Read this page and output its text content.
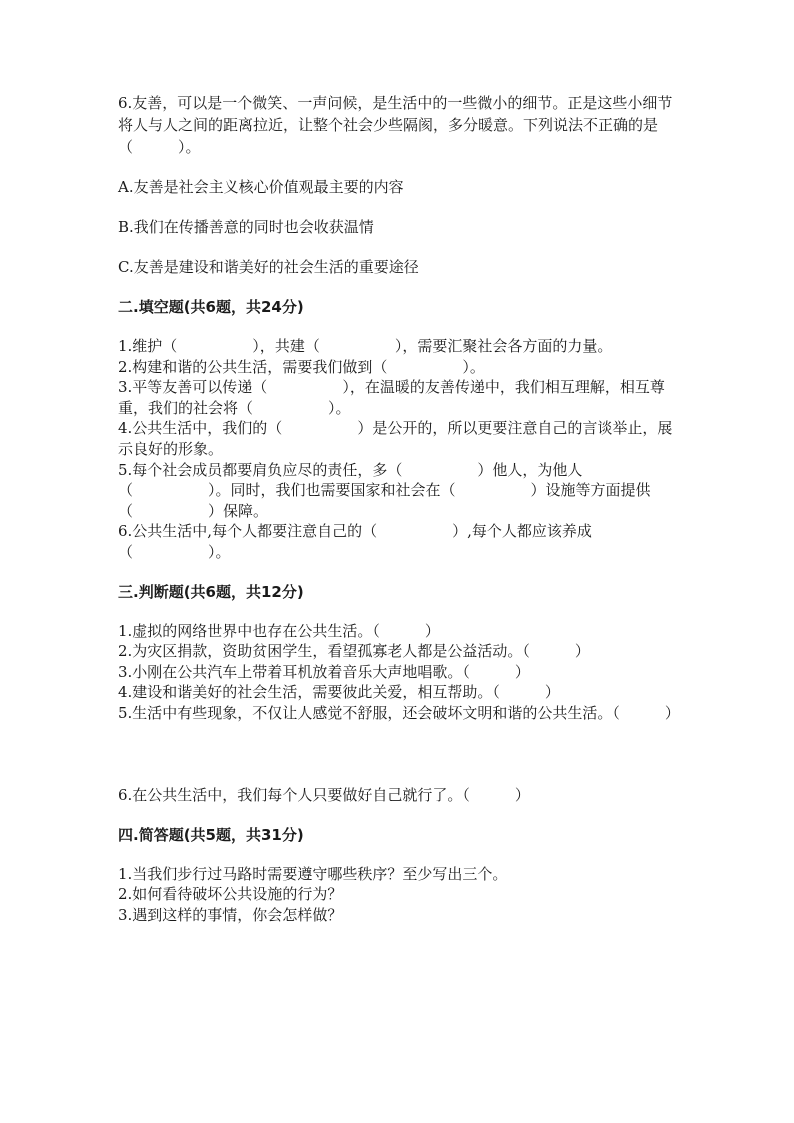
6.友善，可以是一个微笑、一声问候，是生活中的一些微小的细节。正是这些小细节将人与人之间的距离拉近，让整个社会少些隔阂，多分暖意。下列说法不正确的是（　　　）。

A.友善是社会主义核心价值观最主要的内容

B.我们在传播善意的同时也会收获温情

C.友善是建设和谐美好的社会生活的重要途径

二.填空题(共6题，共24分)

1.维护（　　　　　），共建（　　　　　），需要汇聚社会各方面的力量。

2.构建和谐的公共生活，需要我们做到（　　　　　）。

3.平等友善可以传递（　　　　　），在温暖的友善传递中，我们相互理解，相互尊重，我们的社会将（　　　　　）。

4.公共生活中，我们的（　　　　　）是公开的，所以更要注意自己的言谈举止，展示良好的形象。

5.每个社会成员都要肩负应尽的责任，多（　　　　　）他人，为他人（　　　　　）。同时，我们也需要国家和社会在（　　　　　）设施等方面提供（　　　　　）保障。

6.公共生活中,每个人都要注意自己的（　　　　　）,每个人都应该养成（　　　　　）。

三.判断题(共6题，共12分)

1.虚拟的网络世界中也存在公共生活。（　　　）

2.为灾区捐款，资助贫困学生，看望孤寡老人都是公益活动。（　　　）

3.小刚在公共汽车上带着耳机放着音乐大声地唱歌。（　　　）

4.建设和谐美好的社会生活，需要彼此关爱，相互帮助。（　　　）

5.生活中有些现象，不仅让人感觉不舒服，还会破坏文明和谐的公共生活。（　　　）

6.在公共生活中，我们每个人只要做好自己就行了。（　　　）

四.简答题(共5题，共31分)

1.当我们步行过马路时需要遵守哪些秩序？至少写出三个。

2.如何看待破坏公共设施的行为？

3.遇到这样的事情，你会怎样做？
